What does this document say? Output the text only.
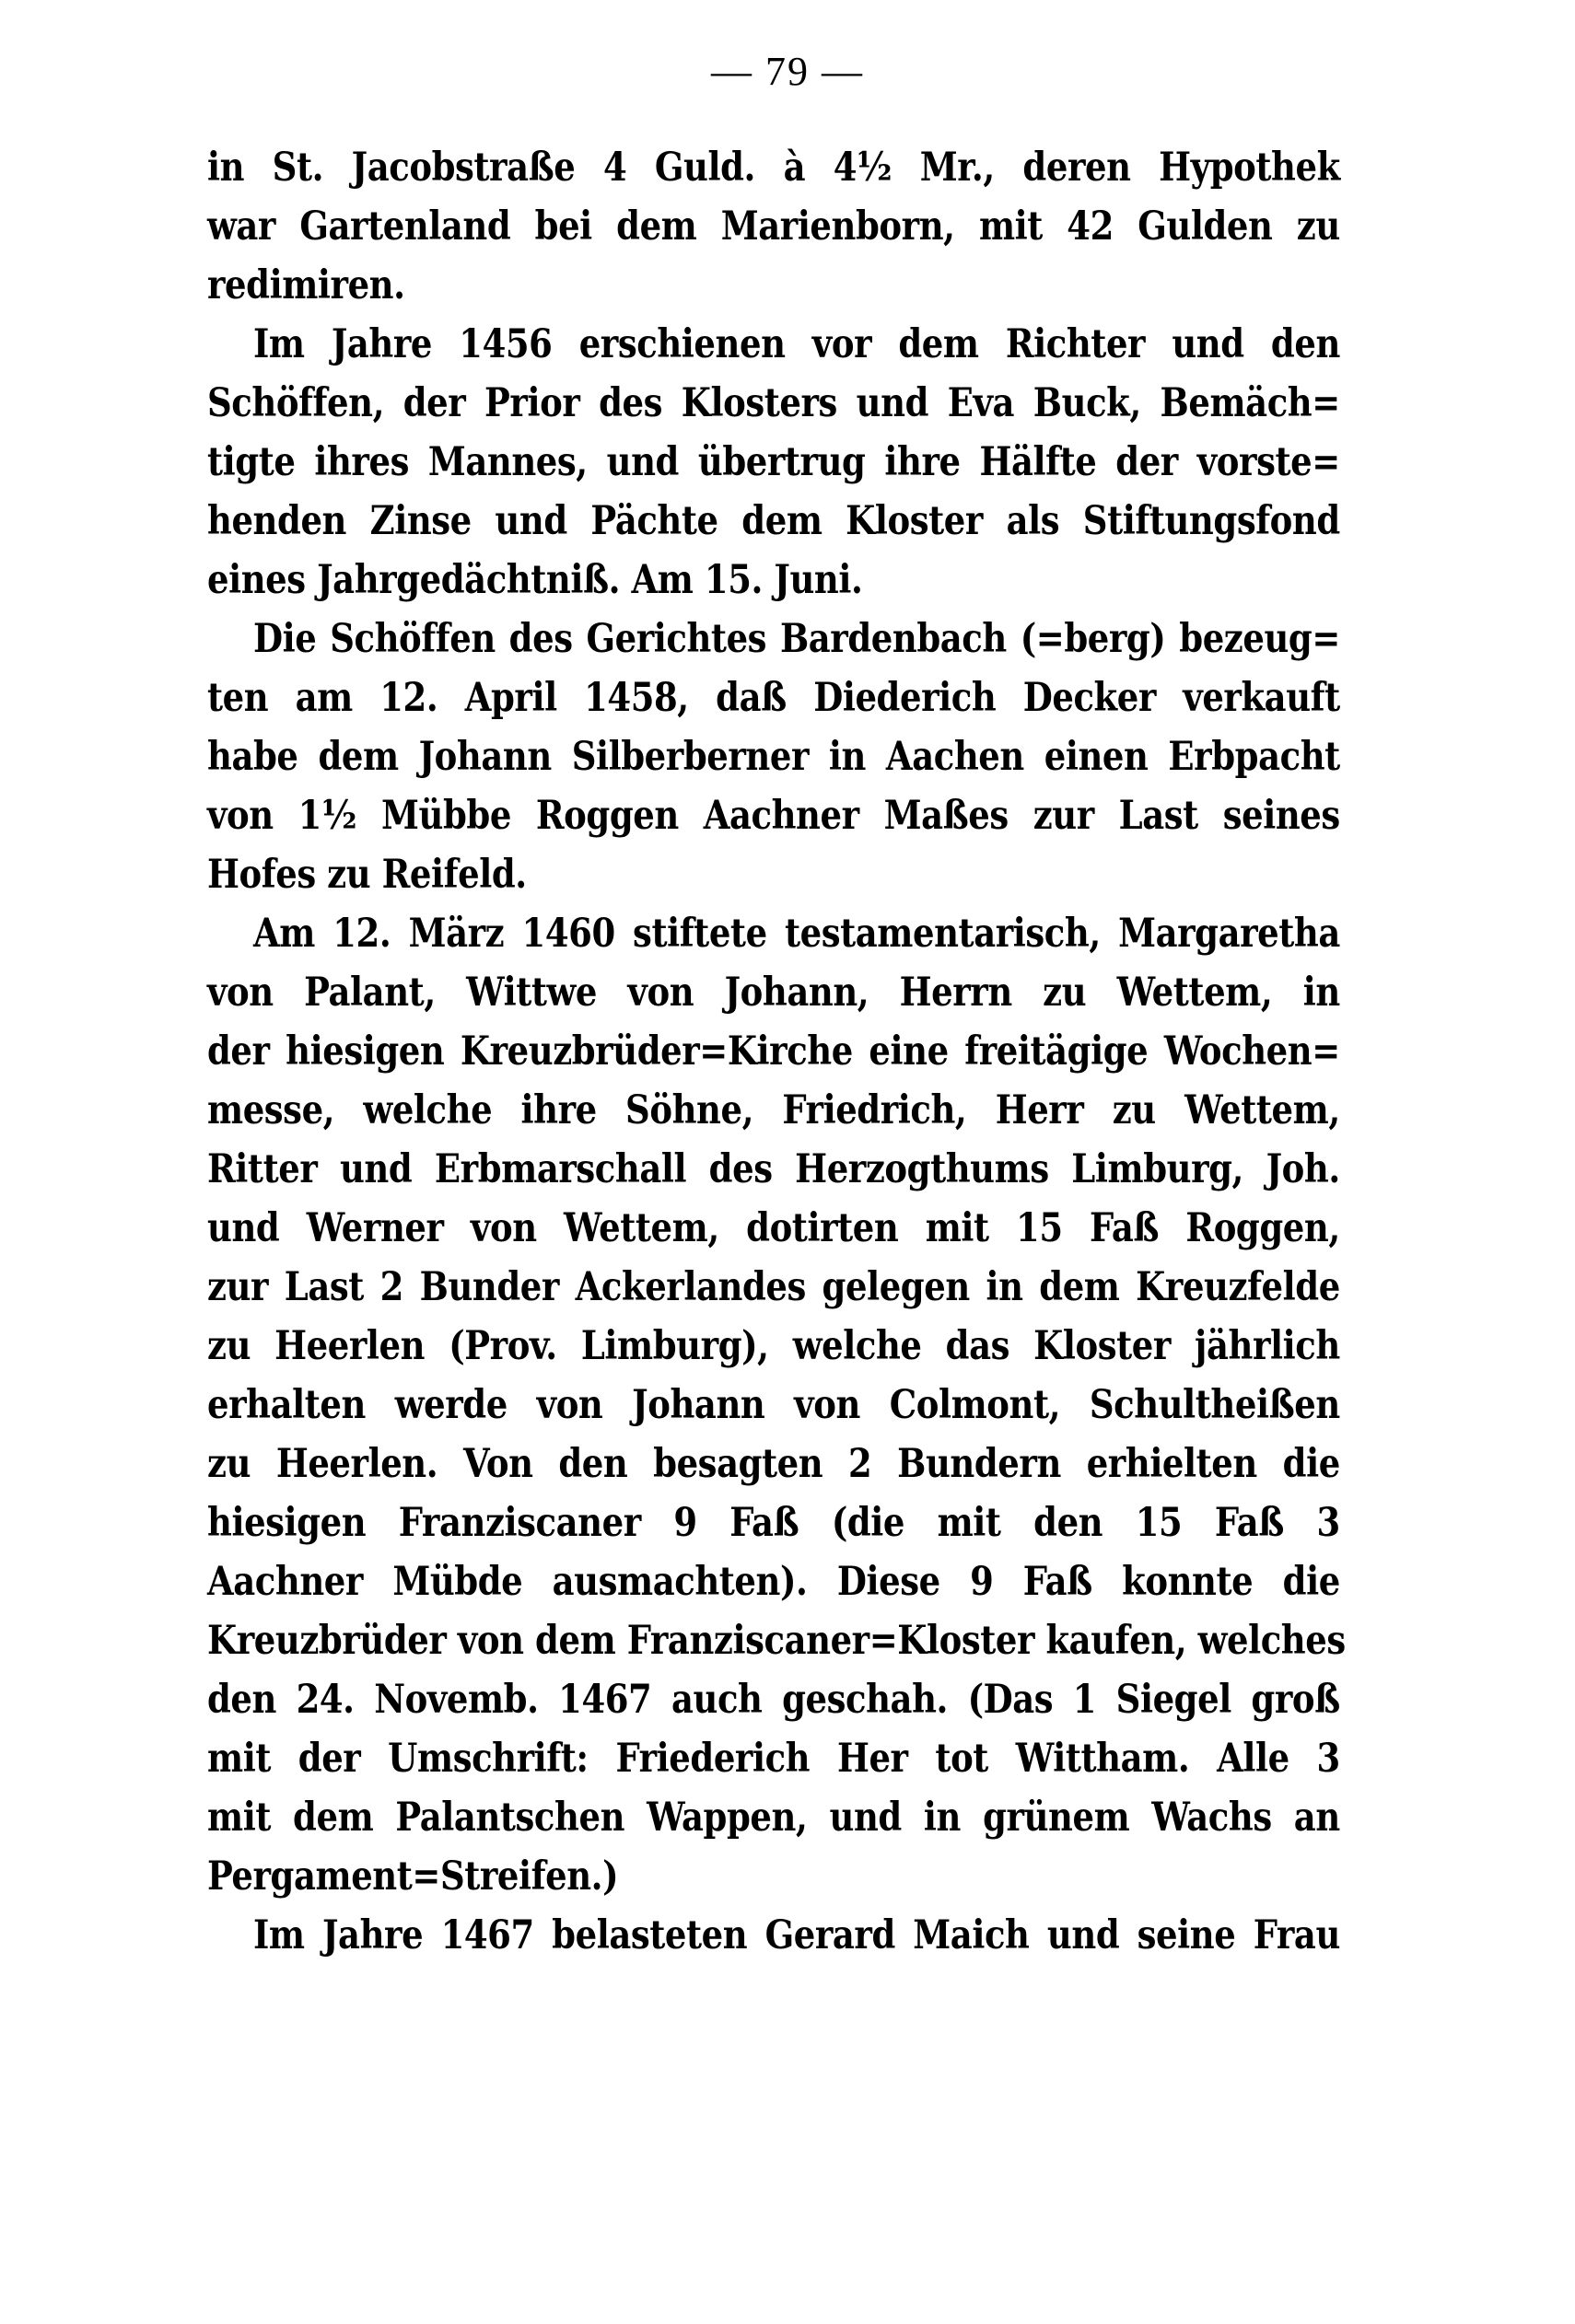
— 79 —
in St. Jacobstraße 4 Guld. à 4½ Mr., deren Hypothek
war Gartenland bei dem Marienborn, mit 42 Gulden zu
redimiren.
Im Jahre 1456 erschienen vor dem Richter und den
Schöffen, der Prior des Klosters und Eva Buck, Bemäch=
tigte ihres Mannes, und übertrug ihre Hälfte der vorste=
henden Zinse und Pächte dem Kloster als Stiftungsfond
eines Jahrgedächtniß. Am 15. Juni.
Die Schöffen des Gerichtes Bardenbach (=berg) bezeug=
ten am 12. April 1458, daß Diederich Decker verkauft
habe dem Johann Silberberner in Aachen einen Erbpacht
von 1½ Mübbe Roggen Aachner Maßes zur Last seines
Hofes zu Reifeld.
Am 12. März 1460 stiftete testamentarisch, Margaretha
von Palant, Wittwe von Johann, Herrn zu Wettem, in
der hiesigen Kreuzbrüder=Kirche eine freitägige Wochen=
messe, welche ihre Söhne, Friedrich, Herr zu Wettem,
Ritter und Erbmarschall des Herzogthums Limburg, Joh.
und Werner von Wettem, dotirten mit 15 Faß Roggen,
zur Last 2 Bunder Ackerlandes gelegen in dem Kreuzfelde
zu Heerlen (Prov. Limburg), welche das Kloster jährlich
erhalten werde von Johann von Colmont, Schultheißen
zu Heerlen. Von den besagten 2 Bundern erhielten die
hiesigen Franziscaner 9 Faß (die mit den 15 Faß 3
Aachner Mübde ausmachten). Diese 9 Faß konnte die
Kreuzbrüder von dem Franziscaner=Kloster kaufen, welches
den 24. Novemb. 1467 auch geschah. (Das 1 Siegel groß
mit der Umschrift: Friederich Her tot Wittham. Alle 3
mit dem Palantschen Wappen, und in grünem Wachs an
Pergament=Streifen.)
Im Jahre 1467 belasteten Gerard Maich und seine Frau
